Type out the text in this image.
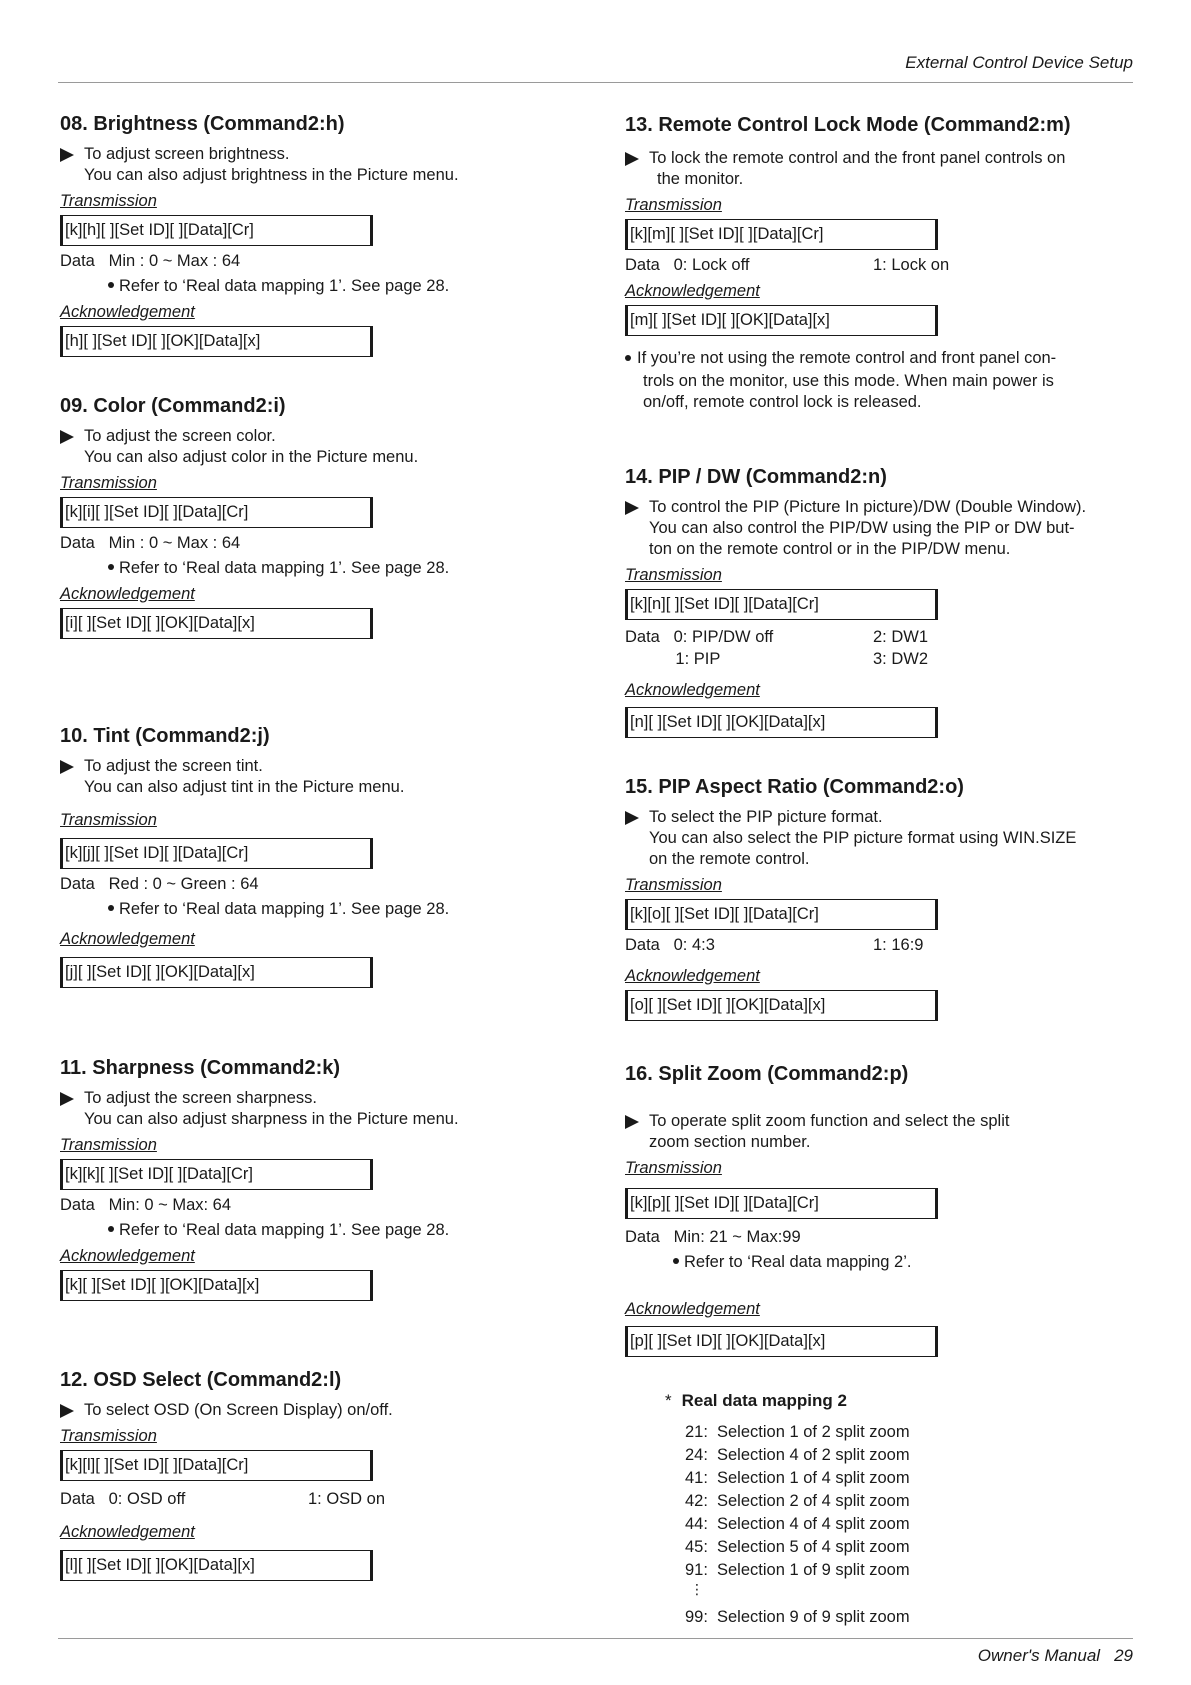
External Control Device Setup
08. Brightness (Command2:h)
To adjust screen brightness.
You can also adjust brightness in the Picture menu.
Transmission
[k][h][ ][Set ID][ ][Data][Cr]
Data   Min : 0 ~ Max : 64
Refer to ‘Real data mapping 1’. See page 28.
Acknowledgement
[h][ ][Set ID][ ][OK][Data][x]
09. Color (Command2:i)
To adjust the screen color.
You can also adjust color in the Picture menu.
Transmission
[k][i][ ][Set ID][ ][Data][Cr]
Data   Min : 0 ~ Max : 64
Refer to ‘Real data mapping 1’. See page 28.
Acknowledgement
[i][ ][Set ID][ ][OK][Data][x]
10. Tint (Command2:j)
To adjust the screen tint.
You can also adjust tint in the Picture menu.
Transmission
[k][j][ ][Set ID][ ][Data][Cr]
Data   Red : 0 ~ Green : 64
Refer to ‘Real data mapping 1’. See page 28.
Acknowledgement
[j][ ][Set ID][ ][OK][Data][x]
11. Sharpness (Command2:k)
To adjust the screen sharpness.
You can also adjust sharpness in the Picture menu.
Transmission
[k][k][ ][Set ID][ ][Data][Cr]
Data   Min: 0 ~ Max: 64
Refer to ‘Real data mapping 1’. See page 28.
Acknowledgement
[k][ ][Set ID][ ][OK][Data][x]
12. OSD Select (Command2:l)
To select OSD (On Screen Display) on/off.
Transmission
[k][l][ ][Set ID][ ][Data][Cr]
Data   0: OSD off	1: OSD on
Acknowledgement
[l][ ][Set ID][ ][OK][Data][x]
13. Remote Control Lock Mode (Command2:m)
To lock the remote control and the front panel controls on
the monitor.
Transmission
[k][m][ ][Set ID][ ][Data][Cr]
Data   0: Lock off	1: Lock on
Acknowledgement
[m][ ][Set ID][ ][OK][Data][x]
If you’re not using the remote control and front panel con-
trols on the monitor, use this mode. When main power is
on/off, remote control lock is released.
14. PIP / DW (Command2:n)
To control the PIP (Picture In picture)/DW (Double Window).
You can also control the PIP/DW using the PIP or DW but-
ton on the remote control or in the PIP/DW menu.
Transmission
[k][n][ ][Set ID][ ][Data][Cr]
Data   0: PIP/DW off	2: DW1
1: PIP	3: DW2
Acknowledgement
[n][ ][Set ID][ ][OK][Data][x]
15. PIP Aspect Ratio (Command2:o)
To select the PIP picture format.
You can also select the PIP picture format using WIN.SIZE
on the remote control.
Transmission
[k][o][ ][Set ID][ ][Data][Cr]
Data   0: 4:3	1: 16:9
Acknowledgement
[o][ ][Set ID][ ][OK][Data][x]
16. Split Zoom (Command2:p)
To operate split zoom function and select the split
zoom section number.
Transmission
[k][p][ ][Set ID][ ][Data][Cr]
Data   Min: 21 ~ Max:99
Refer to ‘Real data mapping 2’.
Acknowledgement
[p][ ][Set ID][ ][OK][Data][x]
* Real data mapping 2
21: Selection 1 of 2 split zoom
24: Selection 4 of 2 split zoom
41: Selection 1 of 4 split zoom
42: Selection 2 of 4 split zoom
44: Selection 4 of 4 split zoom
45: Selection 5 of 4 split zoom
91: Selection 1 of 9 split zoom
⋮
99: Selection 9 of 9 split zoom
Owner's Manual 29
